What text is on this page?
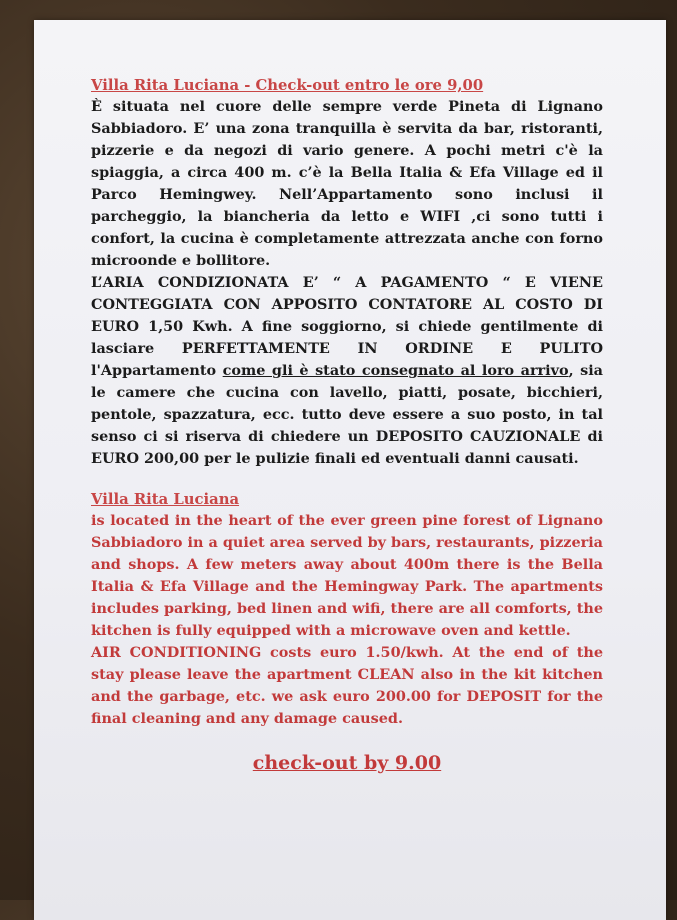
Villa Rita Luciana - Check-out entro le ore 9,00

È situata nel cuore delle sempre verde Pineta di Lignano Sabbiadoro. E’ una zona tranquilla è servita da bar, ristoranti, pizzerie e da negozi di vario genere. A pochi metri c'è la spiaggia, a circa 400 m. c’è la Bella Italia & Efa Village ed il Parco Hemingwey. Nell’Appartamento sono inclusi il parcheggio, la biancheria da letto e WIFI ,ci sono tutti i confort, la cucina è completamente attrezzata anche con forno microonde e bollitore.

L’ARIA CONDIZIONATA E’ “ A PAGAMENTO “ E VIENE CONTEGGIATA CON APPOSITO CONTATORE AL COSTO DI EURO 1,50 Kwh. A fine soggiorno, si chiede gentilmente di lasciare PERFETTAMENTE IN ORDINE E PULITO l'Appartamento come gli è stato consegnato al loro arrivo, sia le camere che cucina con lavello, piatti, posate, bicchieri, pentole, spazzatura, ecc. tutto deve essere a suo posto, in tal senso ci si riserva di chiedere un DEPOSITO CAUZIONALE di EURO 200,00 per le pulizie finali ed eventuali danni causati.

Villa Rita Luciana

is located in the heart of the ever green pine forest of Lignano Sabbiadoro in a quiet area served by bars, restaurants, pizzeria and shops. A few meters away about 400m there is the Bella Italia & Efa Village and the Hemingway Park. The apartments includes parking, bed linen and wifi, there are all comforts, the kitchen is fully equipped with a microwave oven and kettle.

AIR CONDITIONING costs euro 1.50/kwh. At the end of the stay please leave the apartment CLEAN also in the kit kitchen and the garbage, etc. we ask euro 200.00 for DEPOSIT for the final cleaning and any damage caused.

check-out by 9.00
